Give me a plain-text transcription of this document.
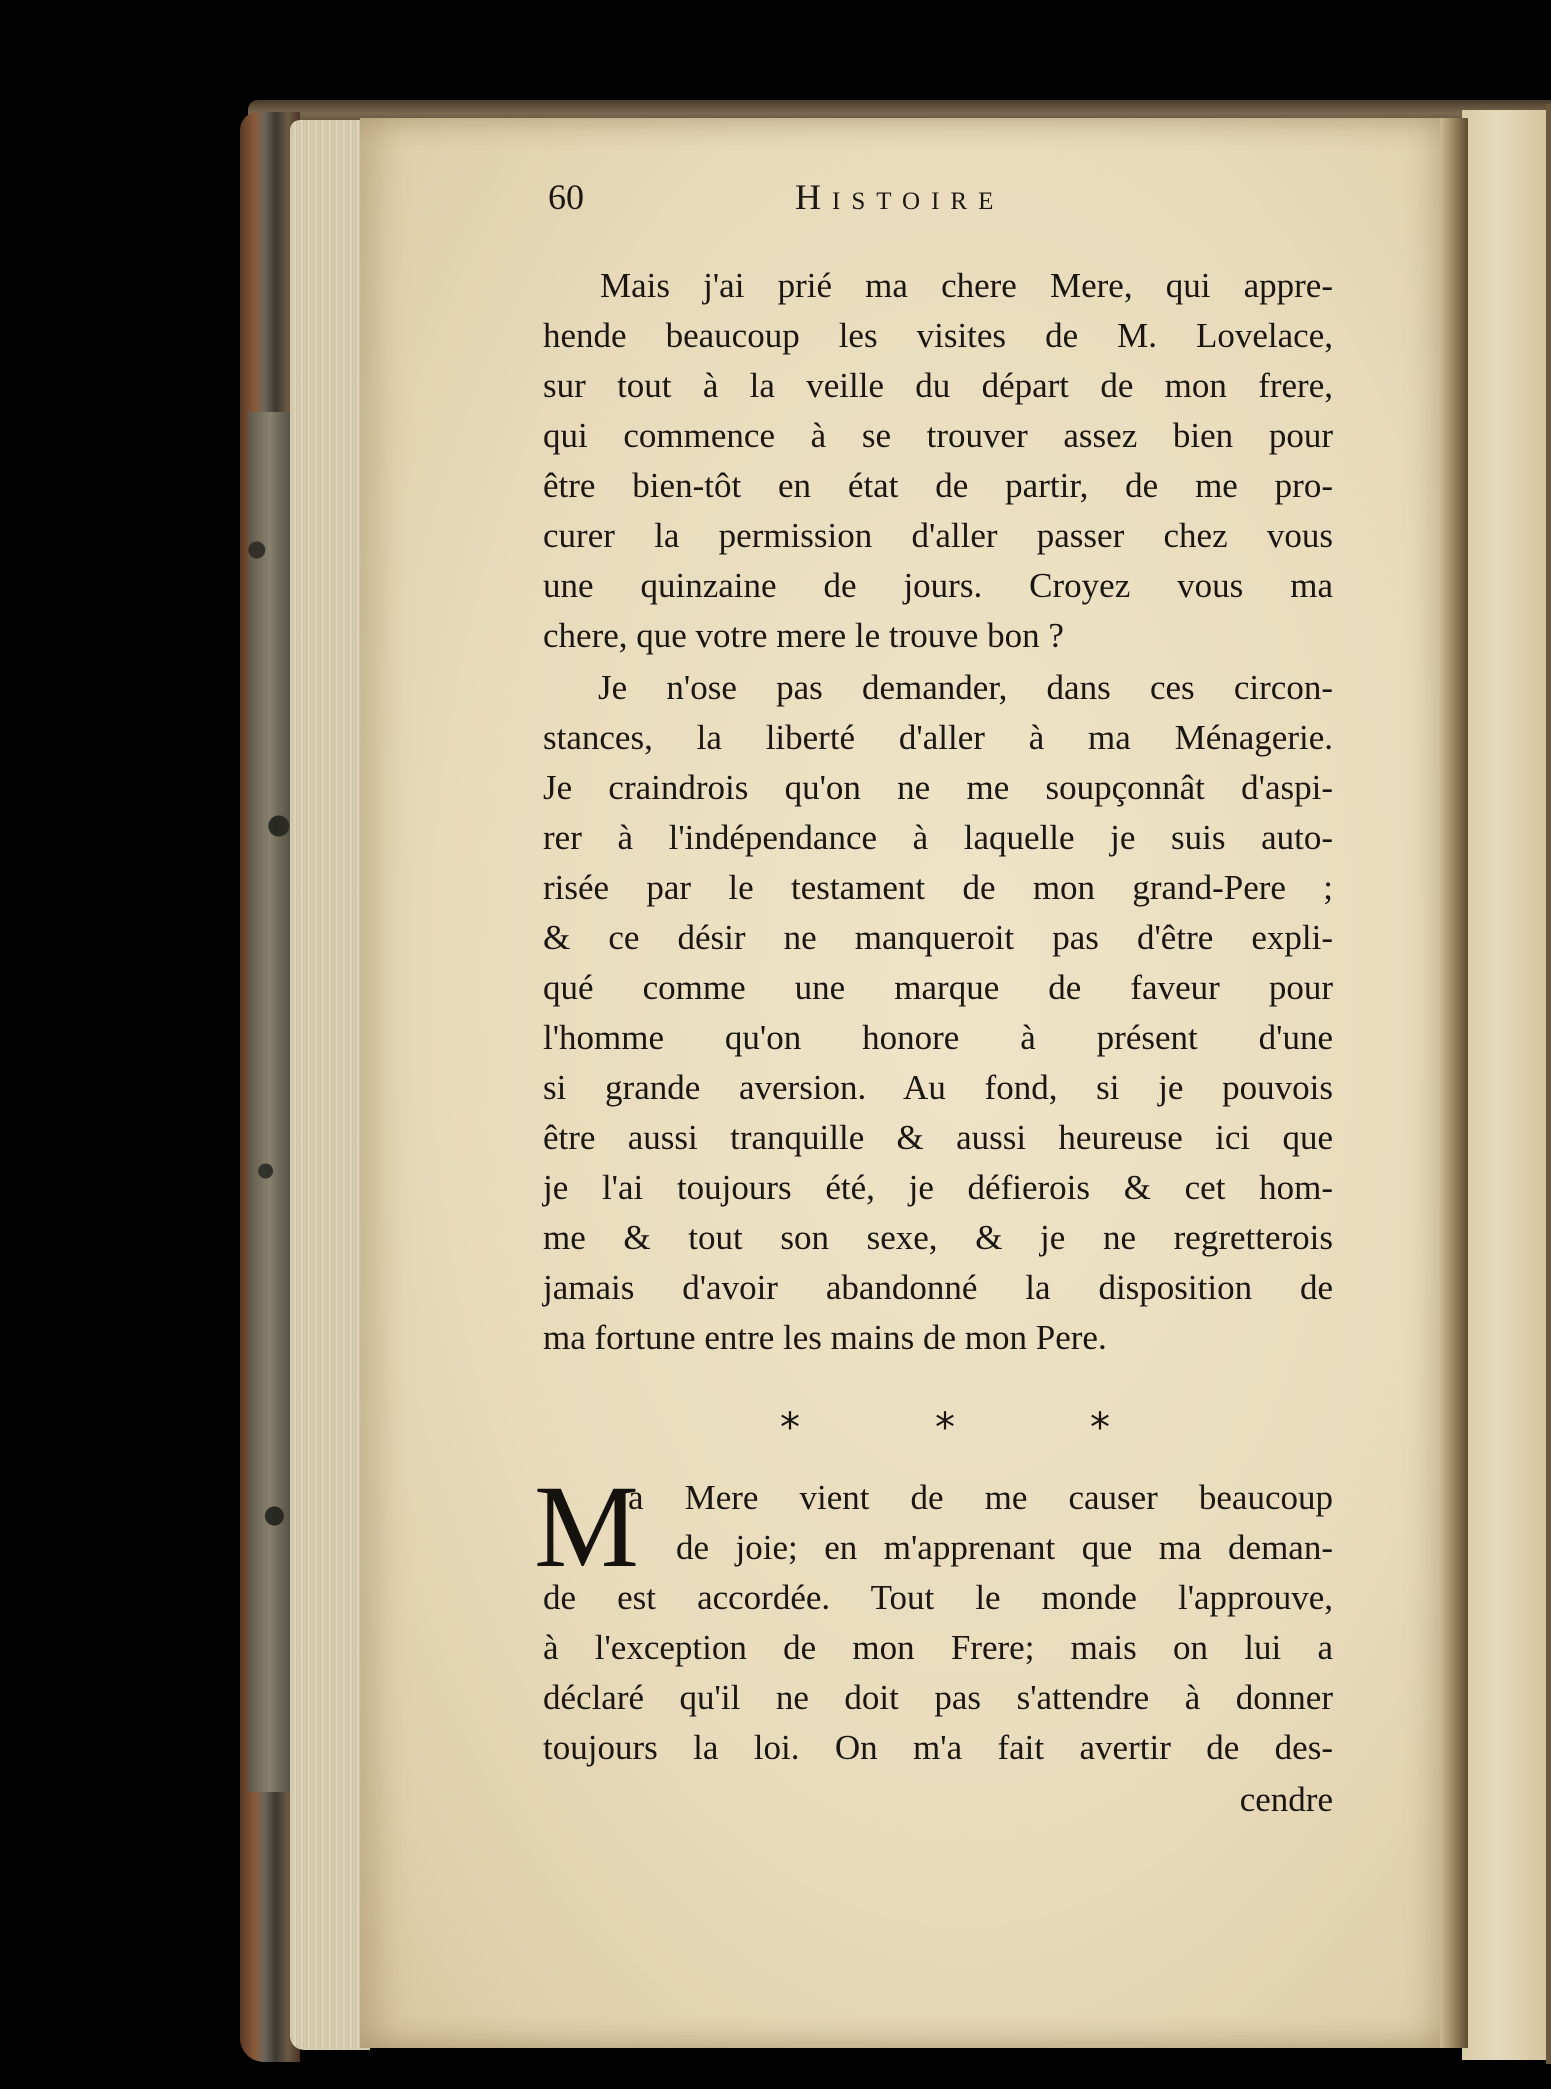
60	Histoire
Mais j'ai prié ma chere Mere, qui appre-
hende beaucoup les visites de M. Lovelace,
sur tout à la veille du départ de mon frere,
qui commence à se trouver assez bien pour
être bien-tôt en état de partir, de me pro-
curer la permission d'aller passer chez vous
une quinzaine de jours. Croyez vous ma
chere, que votre mere le trouve bon ?
Je n'ose pas demander, dans ces circon-
stances, la liberté d'aller à ma Ménagerie.
Je craindrois qu'on ne me soupçonnât d'aspi-
rer à l'indépendance à laquelle je suis auto-
risée par le testament de mon grand-Pere ;
& ce désir ne manqueroit pas d'être expli-
qué comme une marque de faveur pour
l'homme qu'on honore à présent d'une
si grande aversion. Au fond, si je pouvois
être aussi tranquille & aussi heureuse ici que
je l'ai toujours été, je défierois & cet hom-
me & tout son sexe, & je ne regretterois
jamais d'avoir abandonné la disposition de
ma fortune entre les mains de mon Pere.
*	*	*
M
a Mere vient de me causer beaucoup
de joie; en m'apprenant que ma deman-
de est accordée. Tout le monde l'approuve,
à l'exception de mon Frere; mais on lui a
déclaré qu'il ne doit pas s'attendre à donner
toujours la loi. On m'a fait avertir de des-
cendre
